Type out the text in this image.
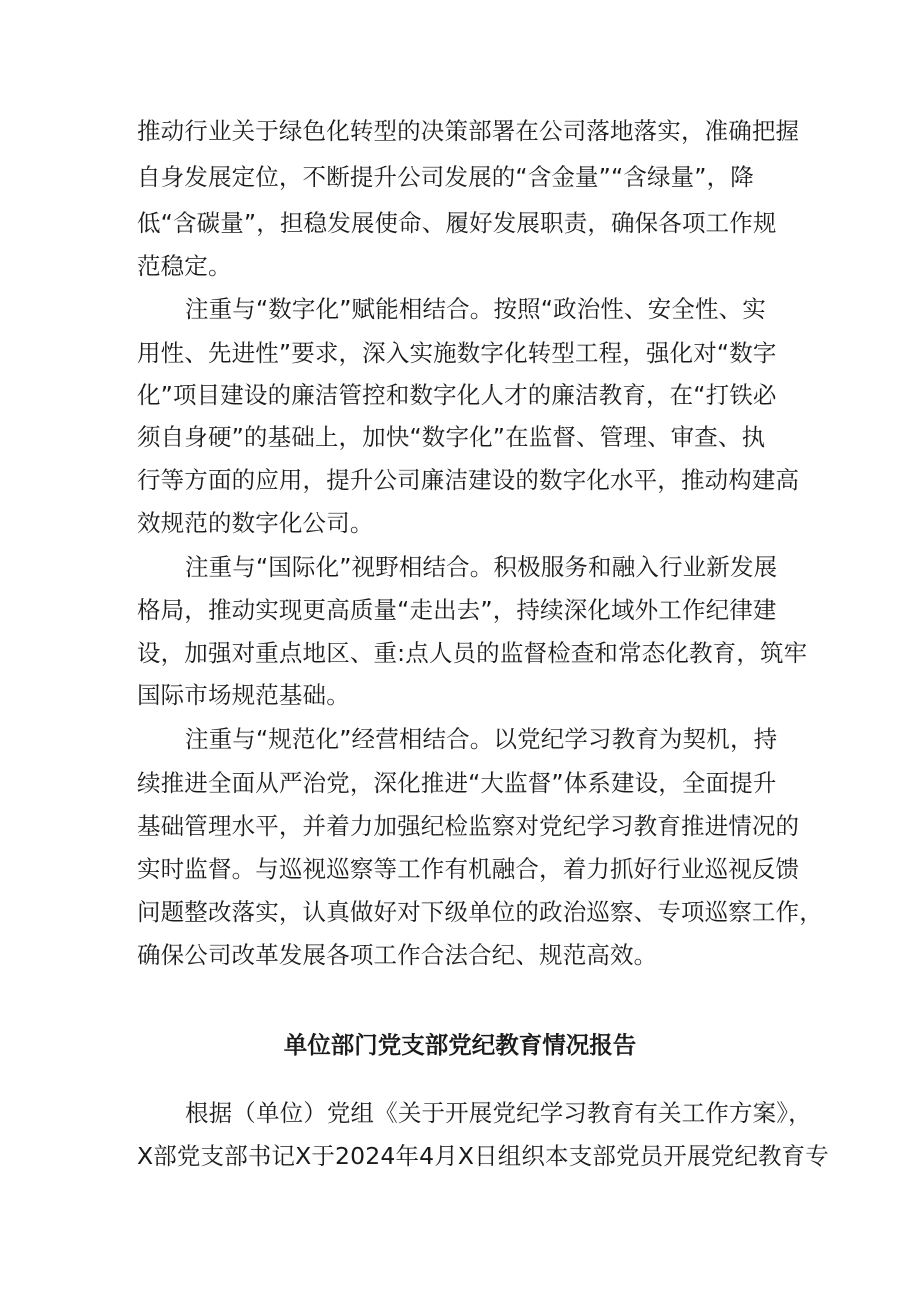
推动行业关于绿色化转型的决策部署在公司落地落实，准确把握
自身发展定位，不断提升公司发展的“含金量”“含绿量”，降
低“含碳量”，担稳发展使命、履好发展职责，确保各项工作规
范稳定。
注重与“数字化”赋能相结合。按照“政治性、安全性、实
用性、先进性”要求，深入实施数字化转型工程，强化对“数字
化”项目建设的廉洁管控和数字化人才的廉洁教育，在“打铁必
须自身硬”的基础上，加快“数字化”在监督、管理、审查、执
行等方面的应用，提升公司廉洁建设的数字化水平，推动构建高
效规范的数字化公司。
注重与“国际化”视野相结合。积极服务和融入行业新发展
格局，推动实现更高质量“走出去”，持续深化域外工作纪律建
设，加强对重点地区、重:点人员的监督检查和常态化教育，筑牢
国际市场规范基础。
注重与“规范化”经营相结合。以党纪学习教育为契机，持
续推进全面从严治党，深化推进“大监督”体系建设，全面提升
基础管理水平，并着力加强纪检监察对党纪学习教育推进情况的
实时监督。与巡视巡察等工作有机融合，着力抓好行业巡视反馈
问题整改落实，认真做好对下级单位的政治巡察、专项巡察工作，
确保公司改革发展各项工作合法合纪、规范高效。
单位部门党支部党纪教育情况报告
根据（单位）党组《关于开展党纪学习教育有关工作方案》，
X部党支部书记X于2024年4月X日组织本支部党员开展党纪教育专
